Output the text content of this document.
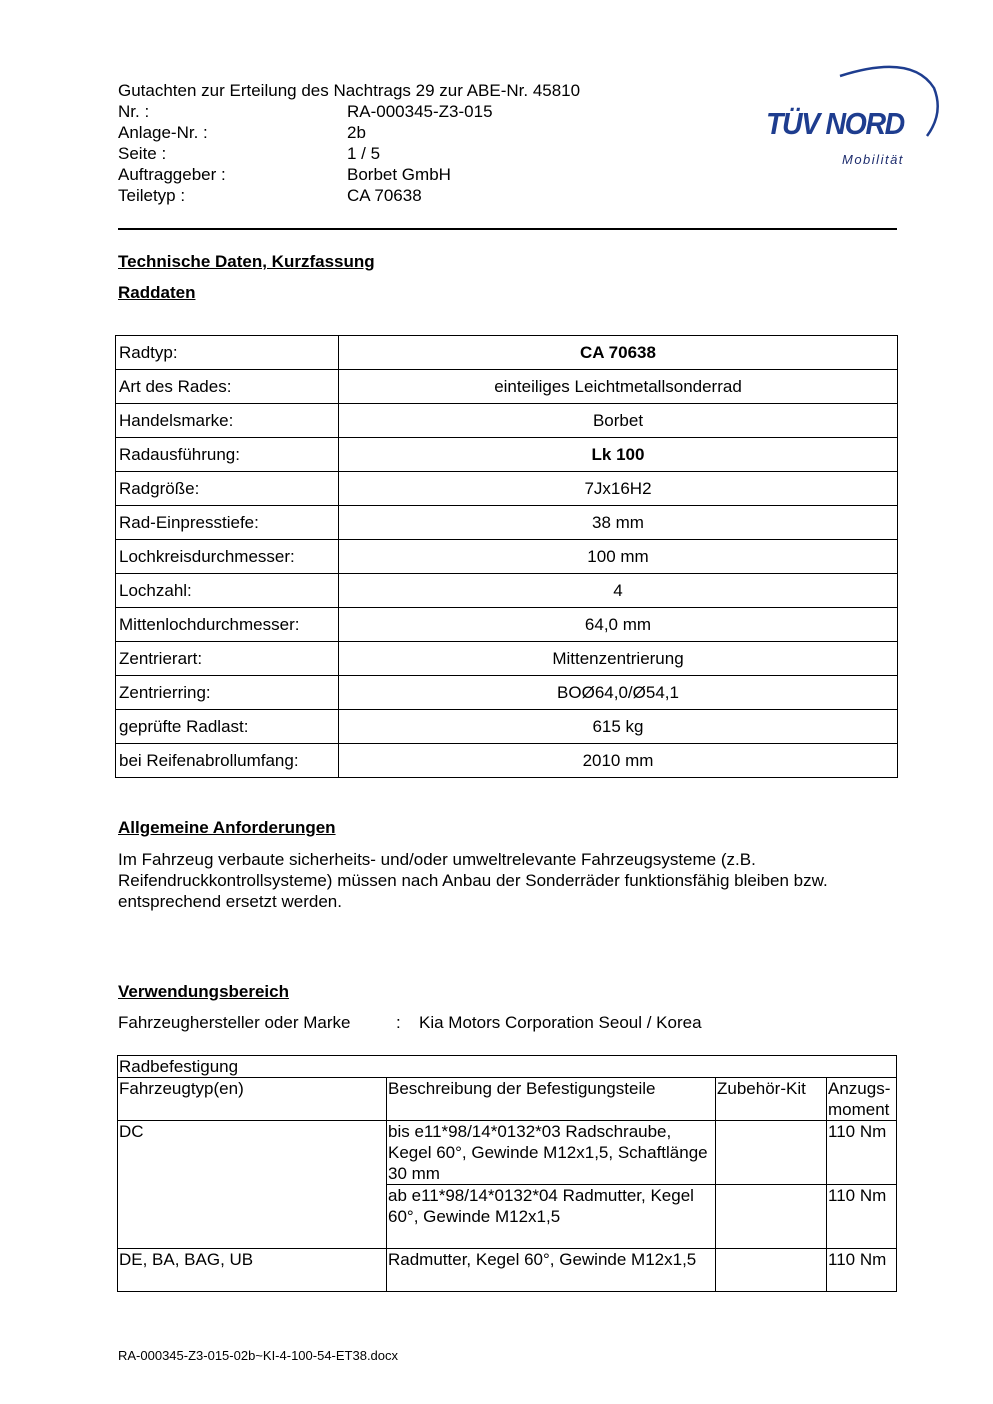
Gutachten zur Erteilung des Nachtrags 29 zur ABE-Nr. 45810
Nr. :	RA-000345-Z3-015
Anlage-Nr. :	2b
Seite :	1 / 5
Auftraggeber :	Borbet GmbH
Teiletyp :	CA 70638
TÜV NORD
Mobilität
Technische Daten, Kurzfassung
Raddaten
Radtyp:	CA 70638
Art des Rades:	einteiliges Leichtmetallsonderrad
Handelsmarke:	Borbet
Radausführung:	Lk 100
Radgröße:	7Jx16H2
Rad-Einpresstiefe:	38 mm
Lochkreisdurchmesser:	100 mm
Lochzahl:	4
Mittenlochdurchmesser:	64,0 mm
Zentrierart:	Mittenzentrierung
Zentrierring:	BOØ64,0/Ø54,1
geprüfte Radlast:	615 kg
bei Reifenabrollumfang:	2010 mm
Allgemeine Anforderungen
Im Fahrzeug verbaute sicherheits- und/oder umweltrelevante Fahrzeugsysteme (z.B. Reifendruckkontrollsysteme) müssen nach Anbau der Sonderräder funktionsfähig bleiben bzw. entsprechend ersetzt werden.
Verwendungsbereich
Fahrzeughersteller oder Marke	: Kia Motors Corporation Seoul / Korea
Radbefestigung			
Fahrzeugtyp(en)	Beschreibung der Befestigungsteile	Zubehör-Kit	Anzugs-moment
DC	bis e11*98/14*0132*03 Radschraube, Kegel 60°, Gewinde M12x1,5, Schaftlänge 30 mm		110 Nm
	ab e11*98/14*0132*04 Radmutter, Kegel 60°, Gewinde M12x1,5		110 Nm
DE, BA, BAG, UB	Radmutter, Kegel 60°, Gewinde M12x1,5		110 Nm
RA-000345-Z3-015-02b~KI-4-100-54-ET38.docx
